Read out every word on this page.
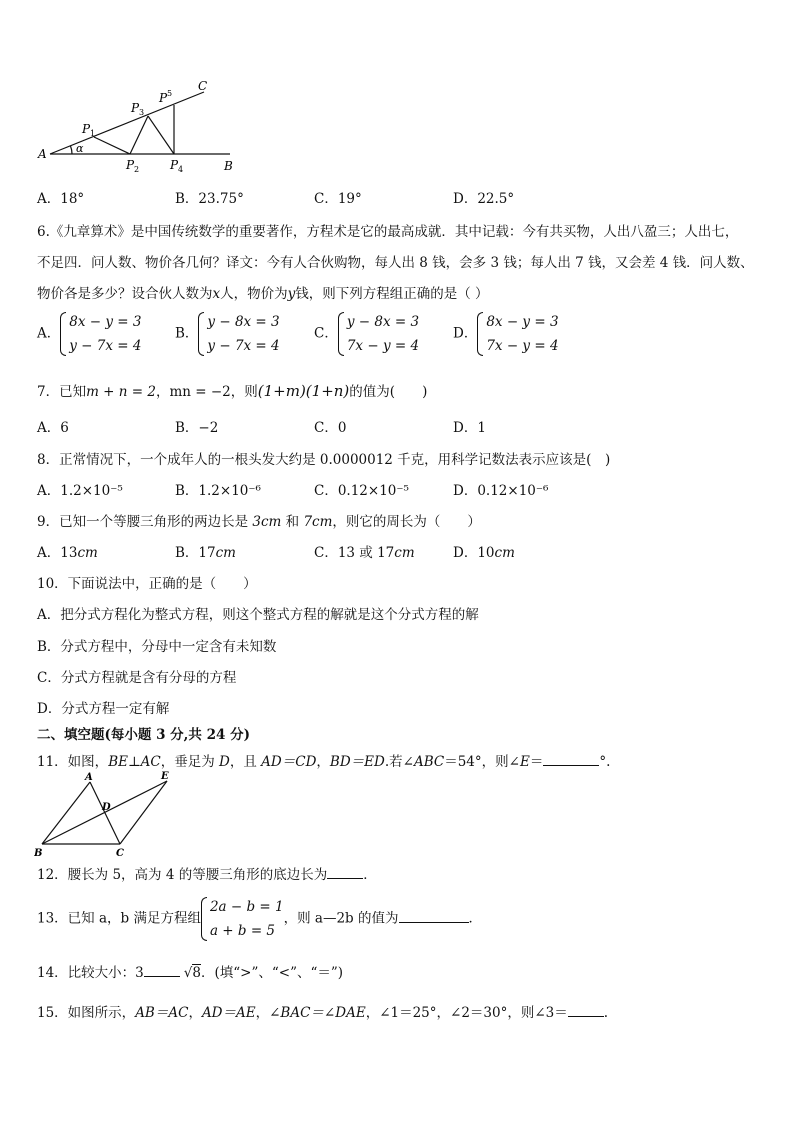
A
B
C
α
P 1
P 2
P 3
P 4
P 5
A．18°	B．23.75°	C．19°	D．22.5°
6.《九章算术》是中国传统数学的重要著作，方程术是它的最高成就．其中记载：今有共买物，人出八盈三；人出七，
不足四．问人数、物价各几何？译文：今有人合伙购物，每人出 8 钱，会多 3 钱；每人出 7 钱，又会差 4 钱．问人数、
物价各是多少？设合伙人数为x人，物价为y钱，则下列方程组正确的是（ ）
A．
8x − y = 3
y − 7x = 4
B．
y − 8x = 3
y − 7x = 4
C．
y − 8x = 3
7x − y = 4
D．
8x − y = 3
7x − y = 4
7．已知m + n = 2，mn = −2，则(1+m)(1+n)的值为(　　)
A．6	B．−2	C．0	D．1
8．正常情况下，一个成年人的一根头发大约是 0.0000012 千克，用科学记数法表示应该是(　)
A．1.2×10⁻⁵	B．1.2×10⁻⁶	C．0.12×10⁻⁵	D．0.12×10⁻⁶
9．已知一个等腰三角形的两边长是 3cm 和 7cm，则它的周长为（　　）
A．13cm	B．17cm	C．13 或 17cm	D．10cm
10．下面说法中，正确的是（　　）
A．把分式方程化为整式方程，则这个整式方程的解就是这个分式方程的解
B．分式方程中，分母中一定含有未知数
C．分式方程就是含有分母的方程
D．分式方程一定有解
二、填空题(每小题 3 分,共 24 分)
11．如图，BE⊥AC，垂足为 D，且 AD＝CD，BD＝ED.若∠ABC＝54°，则∠E＝	°.
A	E
D
B	C
12．腰长为 5，高为 4 的等腰三角形的底边长为	．
13．已知 a，b 满足方程组
2a − b = 1
a + b = 5
，则 a—2b 的值为	．
14．比较大小：3	√8．(填“>”、“<”、“＝”)
15．如图所示，AB＝AC，AD＝AE，∠BAC＝∠DAE，∠1＝25°，∠2＝30°，则∠3＝	.
